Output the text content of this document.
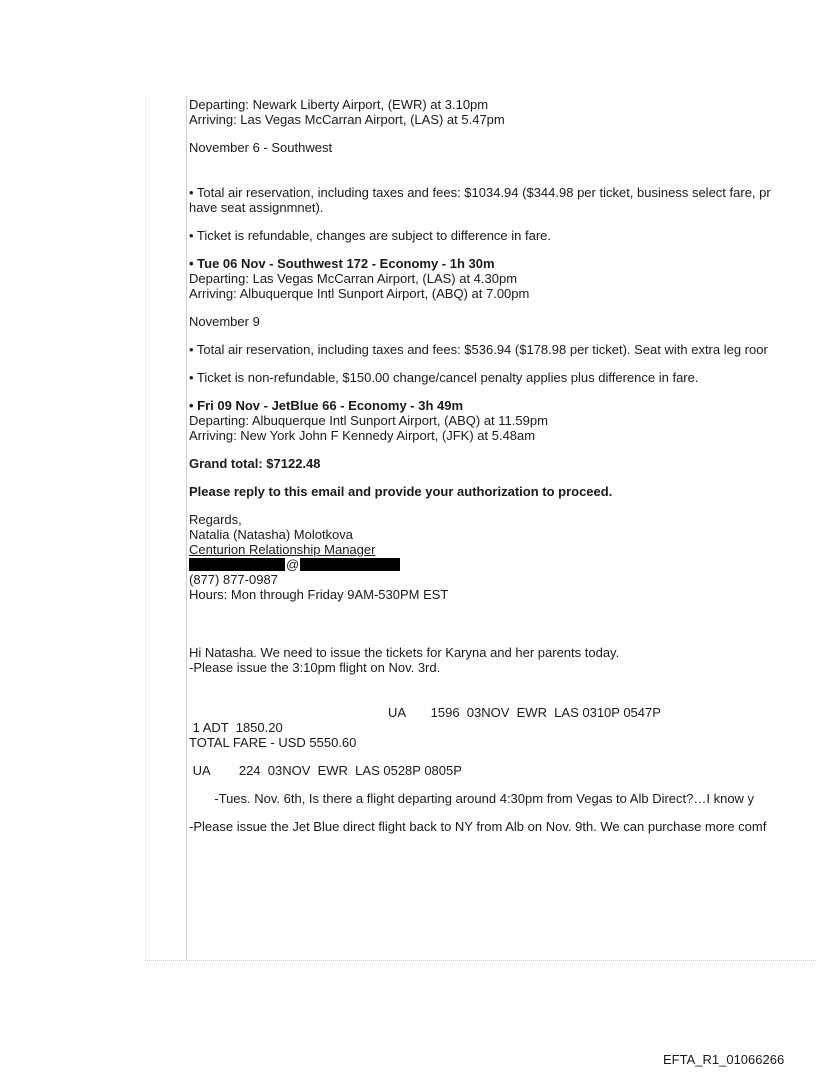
Departing: Newark Liberty Airport, (EWR) at 3.10pm
Arriving: Las Vegas McCarran Airport, (LAS) at 5.47pm
November 6 - Southwest
• Total air reservation, including taxes and fees: $1034.94 ($344.98 per ticket, business select fare, pr
have seat assignmnet).
• Ticket is refundable, changes are subject to difference in fare.
• Tue 06 Nov - Southwest 172 - Economy - 1h 30m
Departing: Las Vegas McCarran Airport, (LAS) at 4.30pm
Arriving: Albuquerque Intl Sunport Airport, (ABQ) at 7.00pm
November 9
• Total air reservation, including taxes and fees: $536.94 ($178.98 per ticket). Seat with extra leg roor
• Ticket is non-refundable, $150.00 change/cancel penalty applies plus difference in fare.
• Fri 09 Nov - JetBlue 66 - Economy - 3h 49m
Departing: Albuquerque Intl Sunport Airport, (ABQ) at 11.59pm
Arriving: New York John F Kennedy Airport, (JFK) at 5.48am
Grand total: $7122.48
Please reply to this email and provide your authorization to proceed.
Regards,
Natalia (Natasha) Molotkova
Centurion Relationship Manager
@
(877) 877-0987
Hours: Mon through Friday 9AM-530PM EST
Hi Natasha. We need to issue the tickets for Karyna and her parents today.
-Please issue the 3:10pm flight on Nov. 3rd.
UA       1596  03NOV  EWR  LAS 0310P 0547P
1 ADT  1850.20
TOTAL FARE - USD 5550.60
UA        224  03NOV  EWR  LAS 0528P 0805P
-Tues. Nov. 6th, Is there a flight departing around 4:30pm from Vegas to Alb Direct?…I know y
-Please issue the Jet Blue direct flight back to NY from Alb on Nov. 9th. We can purchase more comf
EFTA_R1_01066266
